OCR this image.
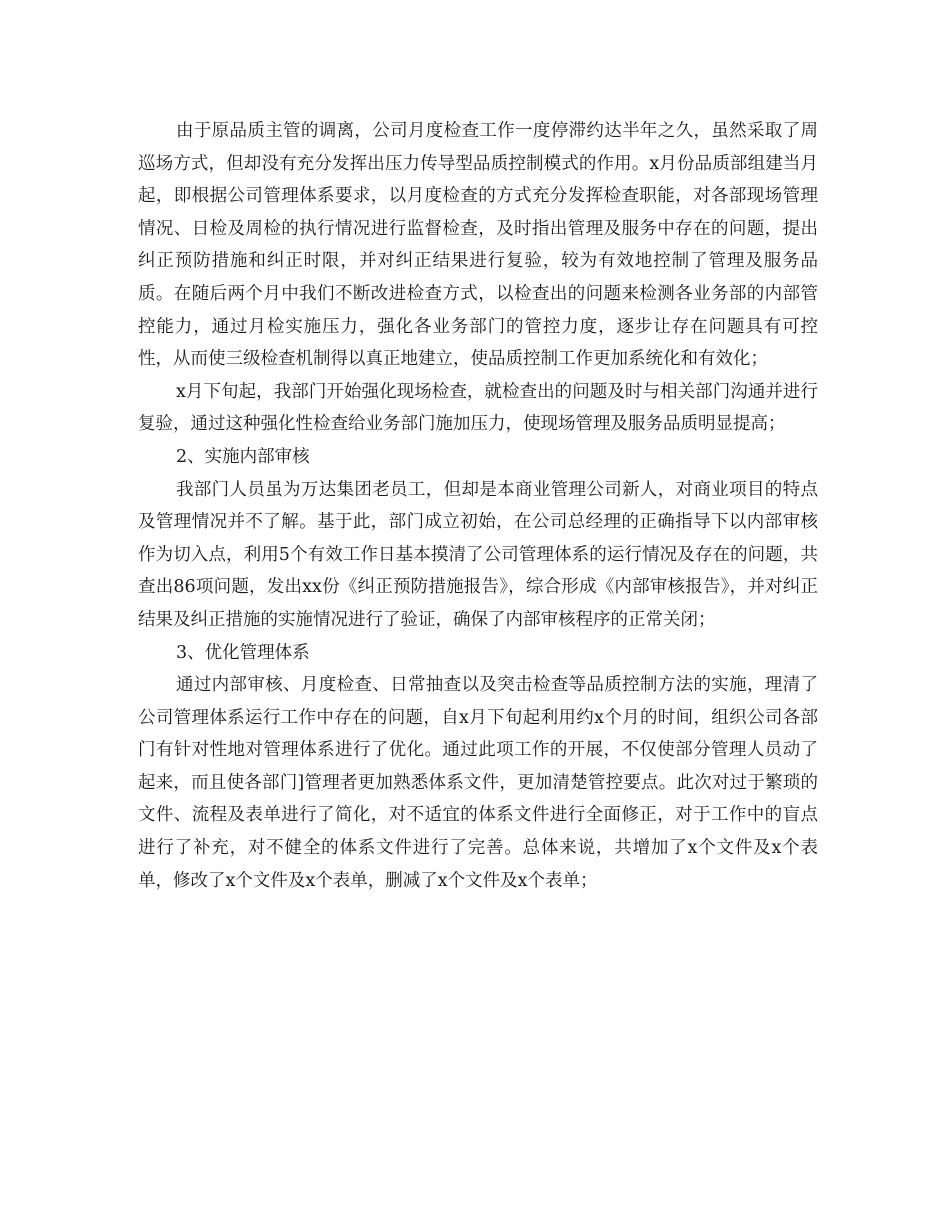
由于原品质主管的调离，公司月度检查工作一度停滞约达半年之久，虽然采取了周巡场方式，但却没有充分发挥出压力传导型品质控制模式的作用。x月份品质部组建当月起，即根据公司管理体系要求，以月度检查的方式充分发挥检查职能，对各部现场管理情况、日检及周检的执行情况进行监督检查，及时指出管理及服务中存在的问题，提出纠正预防措施和纠正时限，并对纠正结果进行复验，较为有效地控制了管理及服务品质。在随后两个月中我们不断改进检查方式，以检查出的问题来检测各业务部的内部管控能力，通过月检实施压力，强化各业务部门的管控力度，逐步让存在问题具有可控性，从而使三级检查机制得以真正地建立，使品质控制工作更加系统化和有效化；

x月下旬起，我部门开始强化现场检查，就检查出的问题及时与相关部门沟通并进行复验，通过这种强化性检查给业务部门施加压力，使现场管理及服务品质明显提高；

2、实施内部审核

我部门人员虽为万达集团老员工，但却是本商业管理公司新人，对商业项目的特点及管理情况并不了解。基于此，部门成立初始，在公司总经理的正确指导下以内部审核作为切入点，利用5个有效工作日基本摸清了公司管理体系的运行情况及存在的问题，共查出86项问题，发出xx份《纠正预防措施报告》，综合形成《内部审核报告》，并对纠正结果及纠正措施的实施情况进行了验证，确保了内部审核程序的正常关闭；

3、优化管理体系

通过内部审核、月度检查、日常抽查以及突击检查等品质控制方法的实施，理清了公司管理体系运行工作中存在的问题，自x月下旬起利用约x个月的时间，组织公司各部门有针对性地对管理体系进行了优化。通过此项工作的开展，不仅使部分管理人员动了起来，而且使各部门]管理者更加熟悉体系文件，更加清楚管控要点。此次对过于繁琐的文件、流程及表单进行了简化，对不适宜的体系文件进行全面修正，对于工作中的盲点进行了补充，对不健全的体系文件进行了完善。总体来说，共增加了x个文件及x个表单，修改了x个文件及x个表单，删减了x个文件及x个表单；
